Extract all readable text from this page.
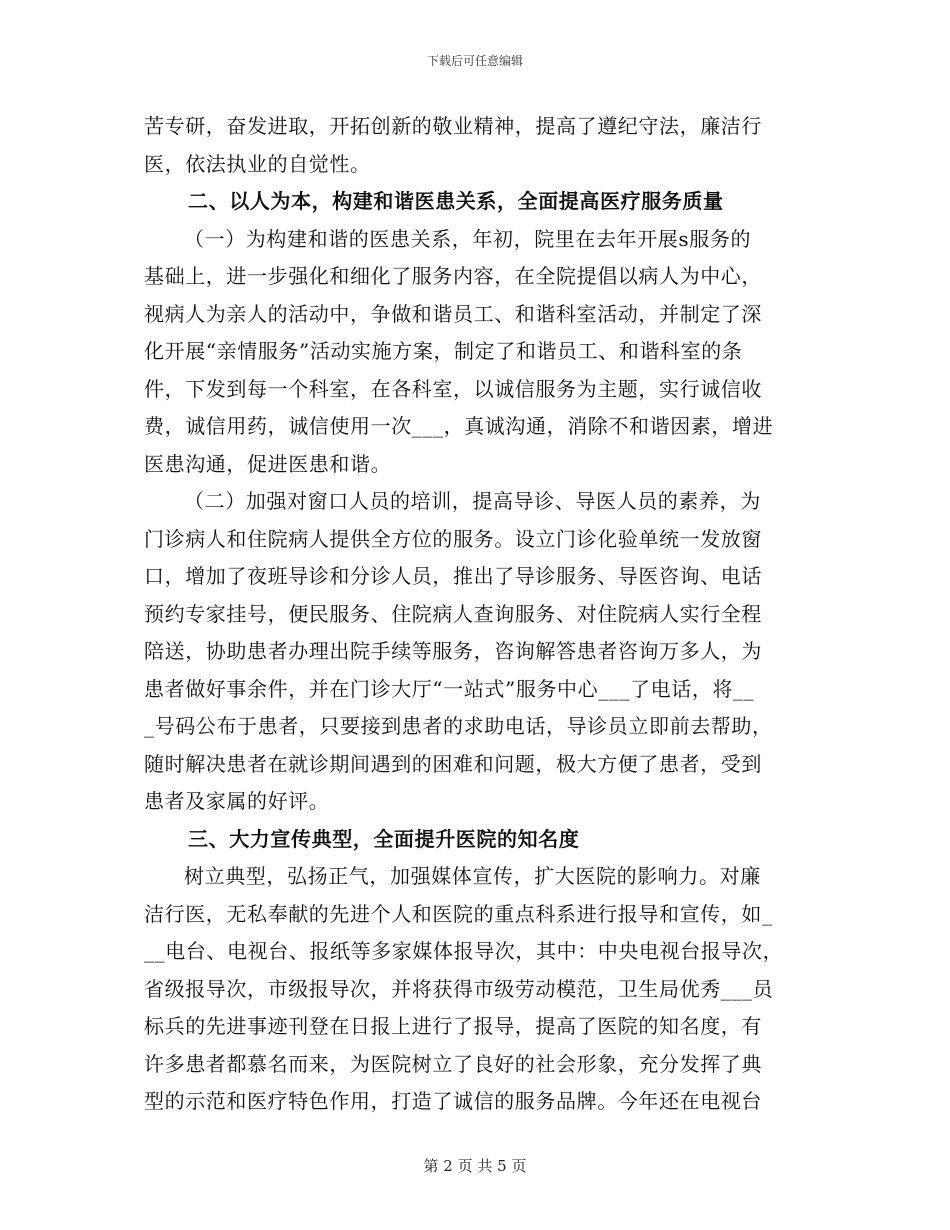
下载后可任意编辑
苦专研，奋发进取，开拓创新的敬业精神，提高了遵纪守法，廉洁行
医，依法执业的自觉性。
二、以人为本，构建和谐医患关系，全面提高医疗服务质量
（一）为构建和谐的医患关系，年初，院里在去年开展s服务的
基础上，进一步强化和细化了服务内容，在全院提倡以病人为中心，
视病人为亲人的活动中，争做和谐员工、和谐科室活动，并制定了深
化开展“亲情服务”活动实施方案，制定了和谐员工、和谐科室的条
件，下发到每一个科室，在各科室，以诚信服务为主题，实行诚信收
费，诚信用药，诚信使用一次___，真诚沟通，消除不和谐因素，增进
医患沟通，促进医患和谐。
（二）加强对窗口人员的培训，提高导诊、导医人员的素养，为
门诊病人和住院病人提供全方位的服务。设立门诊化验单统一发放窗
口，增加了夜班导诊和分诊人员，推出了导诊服务、导医咨询、电话
预约专家挂号，便民服务、住院病人查询服务、对住院病人实行全程
陪送，协助患者办理出院手续等服务，咨询解答患者咨询万多人，为
患者做好事余件，并在门诊大厅“一站式”服务中心___了电话，将__
_号码公布于患者，只要接到患者的求助电话，导诊员立即前去帮助，
随时解决患者在就诊期间遇到的困难和问题，极大方便了患者，受到
患者及家属的好评。
三、大力宣传典型，全面提升医院的知名度
树立典型，弘扬正气，加强媒体宣传，扩大医院的影响力。对廉
洁行医，无私奉献的先进个人和医院的重点科系进行报导和宣传，如_
__电台、电视台、报纸等多家媒体报导次，其中：中央电视台报导次，
省级报导次，市级报导次，并将获得市级劳动模范，卫生局优秀___员
标兵的先进事迹刊登在日报上进行了报导，提高了医院的知名度，有
许多患者都慕名而来，为医院树立了良好的社会形象，充分发挥了典
型的示范和医疗特色作用，打造了诚信的服务品牌。今年还在电视台
第 2 页 共 5 页
